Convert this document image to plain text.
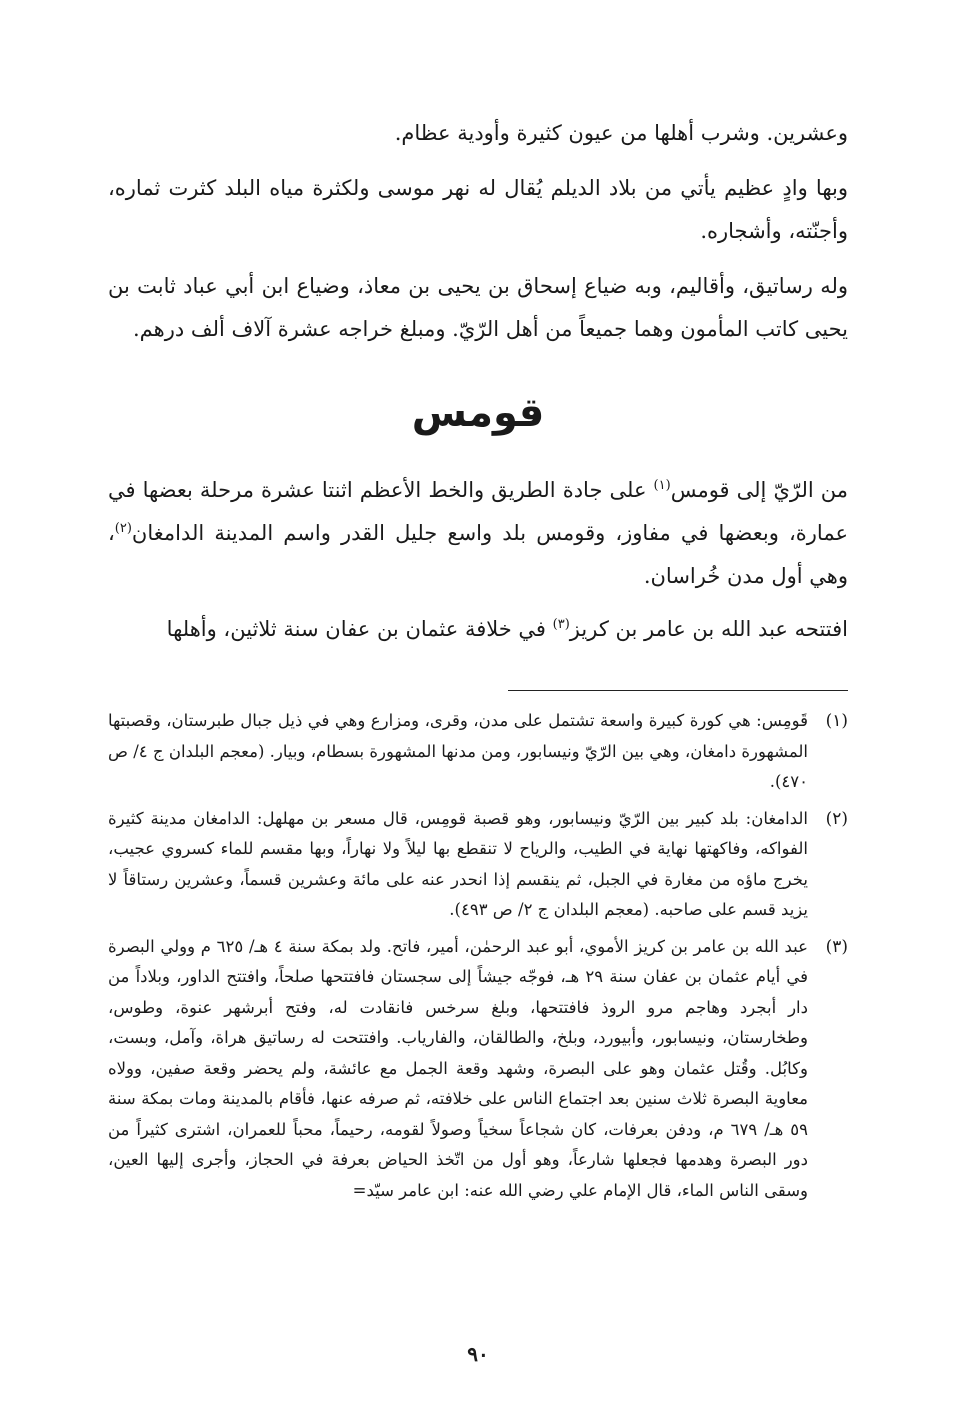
وعشرين. وشرب أهلها من عيون كثيرة وأودية عظام.

وبها وادٍ عظيم يأتي من بلاد الديلم يُقال له نهر موسى ولكثرة مياه البلد كثرت ثماره، وأجنّته، وأشجاره.

وله رساتيق، وأقاليم، وبه ضياع إسحاق بن يحيى بن معاذ، وضياع ابن أبي عباد ثابت بن يحيى كاتب المأمون وهما جميعاً من أهل الرّيّ. ومبلغ خراجه عشرة آلاف ألف درهم.

قومس

من الرّيّ إلى قومس$^{(١)}$ على جادة الطريق والخط الأعظم اثنتا عشرة مرحلة بعضها في عمارة، وبعضها في مفاوز، وقومس بلد واسع جليل القدر واسم المدينة الدامغان$^{(٢)}$، وهي أول مدن خُراسان.

افتتحه عبد الله بن عامر بن كريز$^{(٣)}$ في خلافة عثمان بن عفان سنة ثلاثين، وأهلها

(١)

قَومِس: هي كورة كبيرة واسعة تشتمل على مدن، وقرى، ومزارع وهي في ذيل جبال طبرستان، وقصبتها المشهورة دامغان، وهي بين الرّيّ ونيسابور، ومن مدنها المشهورة بسطام، وبيار. (معجم البلدان ج ٤/ ص ٤٧٠).

(٢)

الدامغان: بلد كبير بين الرّيّ ونيسابور، وهو قصبة قومِس، قال مسعر بن مهلهل: الدامغان مدينة كثيرة الفواكه، وفاكهتها نهاية في الطيب، والرياح لا تنقطع بها ليلاً ولا نهاراً، وبها مقسم للماء كسروي عجيب، يخرج ماؤه من مغارة في الجبل، ثم ينقسم إذا انحدر عنه على مائة وعشرين قسماً، وعشرين رستاقاً لا يزيد قسم على صاحبه. (معجم البلدان ج ٢/ ص ٤٩٣).

(٣)

عبد الله بن عامر بن كريز الأموي، أبو عبد الرحمٰن، أمير، فاتح. ولد بمكة سنة ٤ هـ/ ٦٢٥ م وولي البصرة في أيام عثمان بن عفان سنة ٢٩ هـ، فوجّه جيشاً إلى سجستان فافتتحها صلحاً، وافتتح الداور، وبلاداً من دار أبجرد وهاجم مرو الروذ فافتتحها، وبلغ سرخس فانقادت له، وفتح أبرشهر عنوة، وطوس، وطخارستان، ونيسابور، وأبيورد، وبلخ، والطالقان، والفارياب. وافتتحت له رساتيق هراة، وآمل، وبست، وكابُل. وقُتل عثمان وهو على البصرة، وشهد وقعة الجمل مع عائشة، ولم يحضر وقعة صفين، وولاه معاوية البصرة ثلاث سنين بعد اجتماع الناس على خلافته، ثم صرفه عنها، فأقام بالمدينة ومات بمكة سنة ٥٩ هـ/ ٦٧٩ م، ودفن بعرفات، كان شجاعاً سخياً وصولاً لقومه، رحيماً، محباً للعمران، اشترى كثيراً من دور البصرة وهدمها فجعلها شارعاً، وهو أول من اتّخذ الحياض بعرفة في الحجاز، وأجرى إليها العين، وسقى الناس الماء، قال الإمام علي رضي الله عنه: ابن عامر سيّد=

٩٠
